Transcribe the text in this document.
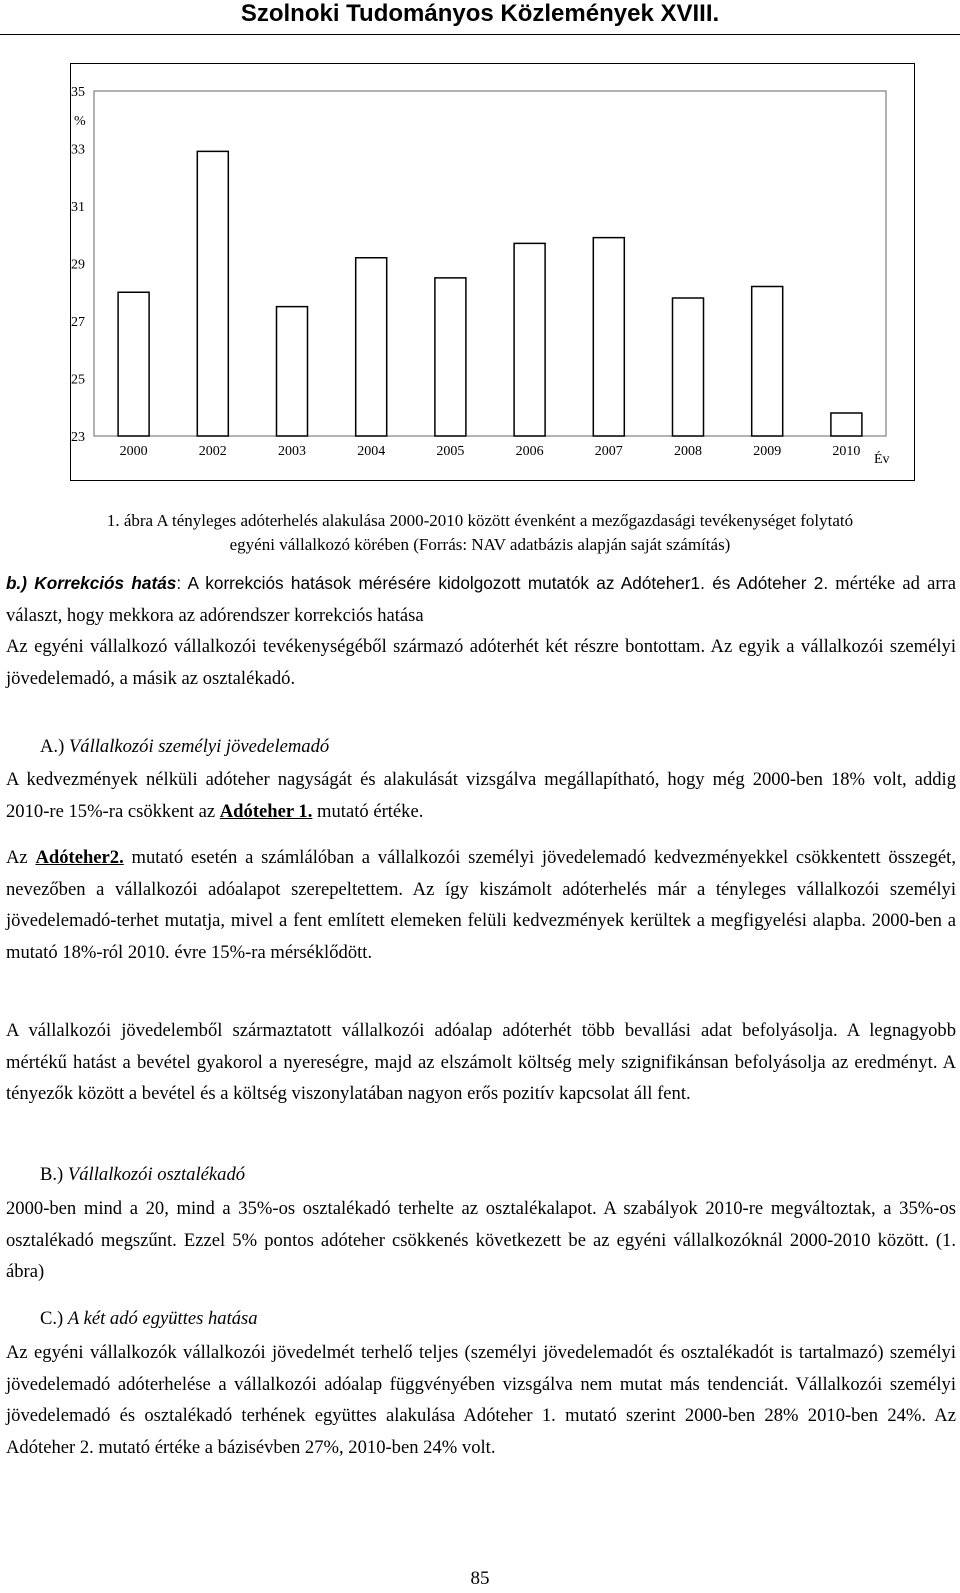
Szolnoki Tudományos Közlemények XVIII.
35
33
31
29
27
25
23
%
2000	2002	2003	2004	2005	2006	2007	2008	2009	2010
Év
1. ábra A tényleges adóterhelés alakulása 2000-2010 között évenként a mezőgazdasági tevékenységet folytató
egyéni vállalkozó körében (Forrás: NAV adatbázis alapján saját számítás)

b.) Korrekciós hatás: A korrekciós hatások mérésére kidolgozott mutatók az Adóteher1. és Adóteher 2. mértéke ad arra választ, hogy mekkora az adórendszer korrekciós hatása

Az egyéni vállalkozó vállalkozói tevékenységéből származó adóterhét két részre bontottam. Az egyik a vállalkozói személyi jövedelemadó, a másik az osztalékadó.

A.) Vállalkozói személyi jövedelemadó

A kedvezmények nélküli adóteher nagyságát és alakulását vizsgálva megállapítható, hogy még 2000-ben 18% volt, addig 2010-re 15%-ra csökkent az Adóteher 1. mutató értéke.

Az Adóteher2. mutató esetén a számlálóban a vállalkozói személyi jövedelemadó kedvezményekkel csökkentett összegét, nevezőben a vállalkozói adóalapot szerepeltettem. Az így kiszámolt adóterhelés már a tényleges vállalkozói személyi jövedelemadó-terhet mutatja, mivel a fent említett elemeken felüli kedvezmények kerültek a megfigyelési alapba. 2000-ben a mutató 18%-ról 2010. évre 15%-ra mérséklődött.

A vállalkozói jövedelemből származtatott vállalkozói adóalap adóterhét több bevallási adat befolyásolja. A legnagyobb mértékű hatást a bevétel gyakorol a nyereségre, majd az elszámolt költség mely szignifikánsan befolyásolja az eredményt. A tényezők között a bevétel és a költség viszonylatában nagyon erős pozitív kapcsolat áll fent.

B.) Vállalkozói osztalékadó

2000-ben mind a 20, mind a 35%-os osztalékadó terhelte az osztalékalapot. A szabályok 2010-re megváltoztak, a 35%-os osztalékadó megszűnt. Ezzel 5% pontos adóteher csökkenés következett be az egyéni vállalkozóknál 2000-2010 között. (1. ábra)

C.) A két adó együttes hatása

Az egyéni vállalkozók vállalkozói jövedelmét terhelő teljes (személyi jövedelemadót és osztalékadót is tartalmazó) személyi jövedelemadó adóterhelése a vállalkozói adóalap függvényében vizsgálva nem mutat más tendenciát. Vállalkozói személyi jövedelemadó és osztalékadó terhének együttes alakulása Adóteher 1. mutató szerint 2000-ben 28% 2010-ben 24%. Az Adóteher 2. mutató értéke a bázisévben 27%, 2010-ben 24% volt.

85
